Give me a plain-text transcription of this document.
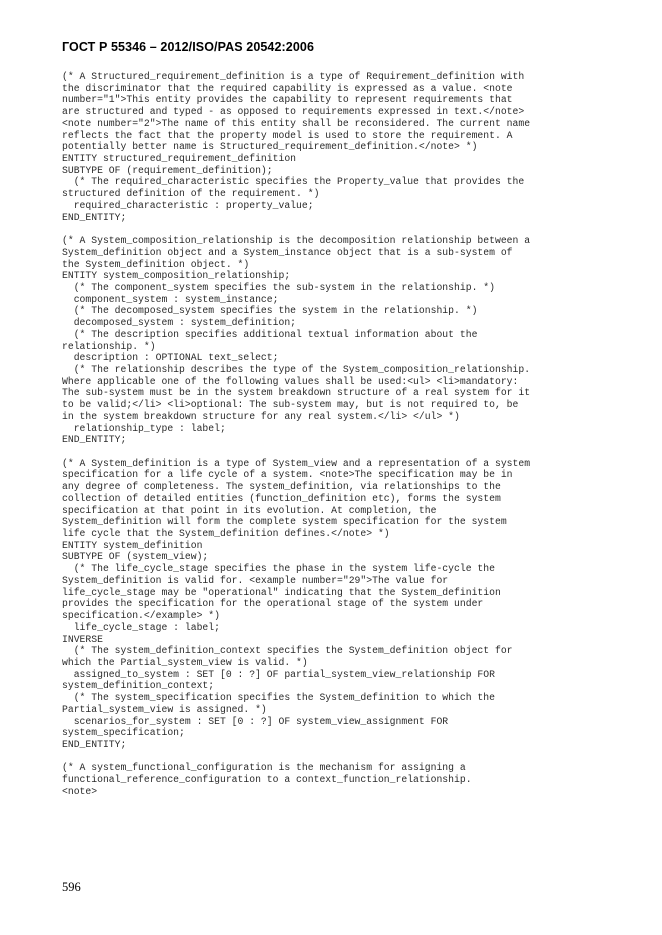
ГОСТ Р 55346 – 2012/ISO/PAS 20542:2006
(* A Structured_requirement_definition is a type of Requirement_definition with
the discriminator that the required capability is expressed as a value. <note
number="1">This entity provides the capability to represent requirements that
are structured and typed - as opposed to requirements expressed in text.</note>
<note number="2">The name of this entity shall be reconsidered. The current name
reflects the fact that the property model is used to store the requirement. A
potentially better name is Structured_requirement_definition.</note> *)
ENTITY structured_requirement_definition
SUBTYPE OF (requirement_definition);
(* The required_characteristic specifies the Property_value that provides the
structured definition of the requirement. *)
required_characteristic : property_value;
END_ENTITY;

(* A System_composition_relationship is the decomposition relationship between a
System_definition object and a System_instance object that is a sub-system of
the System_definition object. *)
ENTITY system_composition_relationship;
(* The component_system specifies the sub-system in the relationship. *)
component_system : system_instance;
(* The decomposed_system specifies the system in the relationship. *)
decomposed_system : system_definition;
(* The description specifies additional textual information about the
relationship. *)
description : OPTIONAL text_select;
(* The relationship describes the type of the System_composition_relationship.
Where applicable one of the following values shall be used:<ul> <li>mandatory:
The sub-system must be in the system breakdown structure of a real system for it
to be valid;</li> <li>optional: The sub-system may, but is not required to, be
in the system breakdown structure for any real system.</li> </ul> *)
relationship_type : label;
END_ENTITY;

(* A System_definition is a type of System_view and a representation of a system
specification for a life cycle of a system. <note>The specification may be in
any degree of completeness. The system_definition, via relationships to the
collection of detailed entities (function_definition etc), forms the system
specification at that point in its evolution. At completion, the
System_definition will form the complete system specification for the system
life cycle that the System_definition defines.</note> *)
ENTITY system_definition
SUBTYPE OF (system_view);
(* The life_cycle_stage specifies the phase in the system life-cycle the
System_definition is valid for. <example number="29">The value for
life_cycle_stage may be "operational" indicating that the System_definition
provides the specification for the operational stage of the system under
specification.</example> *)
life_cycle_stage : label;
INVERSE
(* The system_definition_context specifies the System_definition object for
which the Partial_system_view is valid. *)
assigned_to_system : SET [0 : ?] OF partial_system_view_relationship FOR
system_definition_context;
(* The system_specification specifies the System_definition to which the
Partial_system_view is assigned. *)
scenarios_for_system : SET [0 : ?] OF system_view_assignment FOR
system_specification;
END_ENTITY;

(* A system_functional_configuration is the mechanism for assigning a
functional_reference_configuration to a context_function_relationship.
<note>
596
